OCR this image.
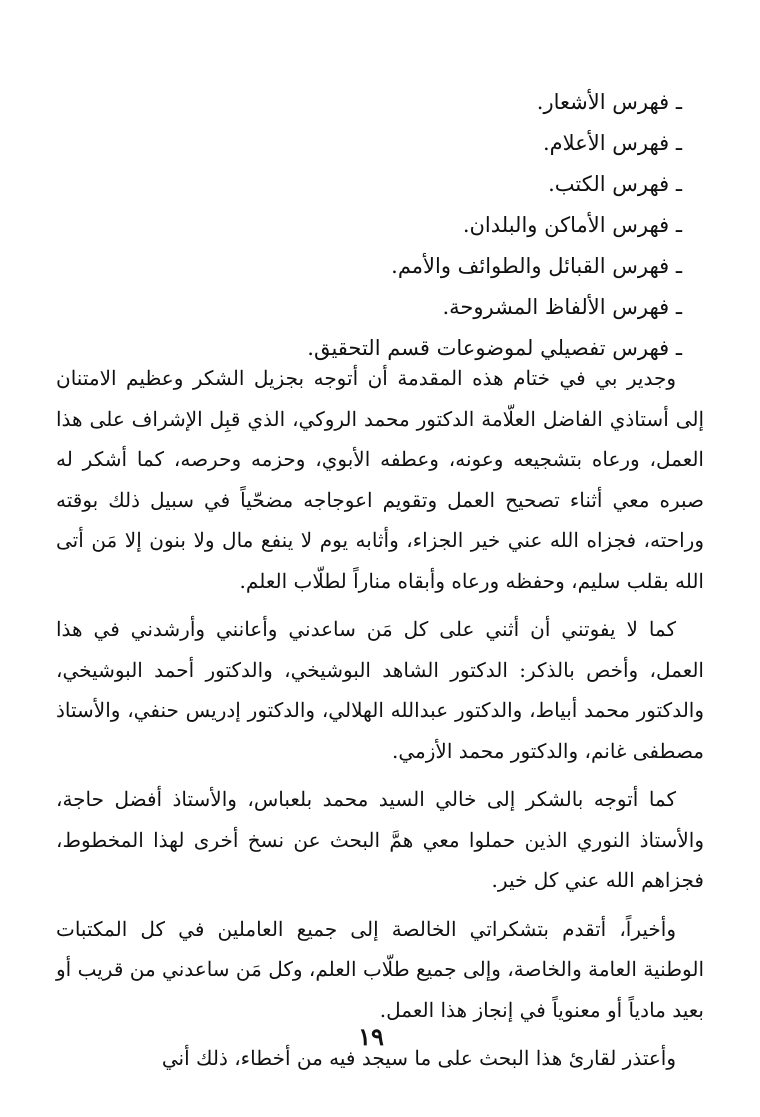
ـ فهرس الأشعار.
ـ فهرس الأعلام.
ـ فهرس الكتب.
ـ فهرس الأماكن والبلدان.
ـ فهرس القبائل والطوائف والأمم.
ـ فهرس الألفاظ المشروحة.
ـ فهرس تفصيلي لموضوعات قسم التحقيق.

وجدير بي في ختام هذه المقدمة أن أتوجه بجزيل الشكر وعظيم الامتنان إلى أستاذي الفاضل العلّامة الدكتور محمد الروكي، الذي قبِل الإشراف على هذا العمل، ورعاه بتشجيعه وعونه، وعطفه الأبوي، وحزمه وحرصه، كما أشكر له صبره معي أثناء تصحيح العمل وتقويم اعوجاجه مضحّياً في سبيل ذلك بوقته وراحته، فجزاه الله عني خير الجزاء، وأثابه يوم لا ينفع مال ولا بنون إلا مَن أتى الله بقلب سليم، وحفظه ورعاه وأبقاه مناراً لطلّاب العلم.

كما لا يفوتني أن أثني على كل مَن ساعدني وأعانني وأرشدني في هذا العمل، وأخص بالذكر: الدكتور الشاهد البوشيخي، والدكتور أحمد البوشيخي، والدكتور محمد أبياط، والدكتور عبدالله الهلالي، والدكتور إدريس حنفي، والأستاذ مصطفى غانم، والدكتور محمد الأزمي.

كما أتوجه بالشكر إلى خالي السيد محمد بلعباس، والأستاذ أفضل حاجة، والأستاذ النوري الذين حملوا معي همَّ البحث عن نسخ أخرى لهذا المخطوط، فجزاهم الله عني كل خير.

وأخيراً، أتقدم بتشكراتي الخالصة إلى جميع العاملين في كل المكتبات الوطنية العامة والخاصة، وإلى جميع طلّاب العلم، وكل مَن ساعدني من قريب أو بعيد مادياً أو معنوياً في إنجاز هذا العمل.

وأعتذر لقارئ هذا البحث على ما سيجد فيه من أخطاء، ذلك أني

١٩
